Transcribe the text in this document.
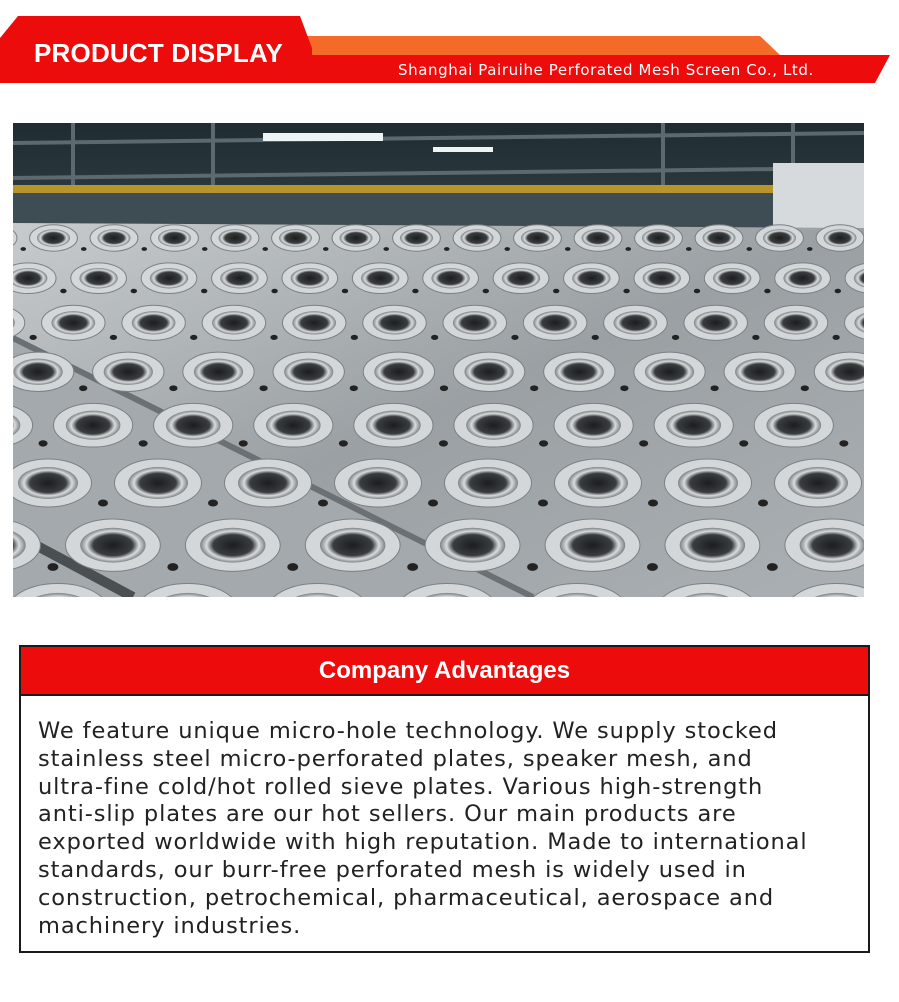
PRODUCT DISPLAY
Shanghai Pairuihe Perforated Mesh Screen Co., Ltd.
Company Advantages
We feature unique micro-hole technology. We supply stocked
stainless steel micro-perforated plates, speaker mesh, and
ultra-fine cold/hot rolled sieve plates. Various high-strength
anti-slip plates are our hot sellers. Our main products are
exported worldwide with high reputation. Made to international
standards, our burr-free perforated mesh is widely used in
construction, petrochemical, pharmaceutical, aerospace and
machinery industries.
